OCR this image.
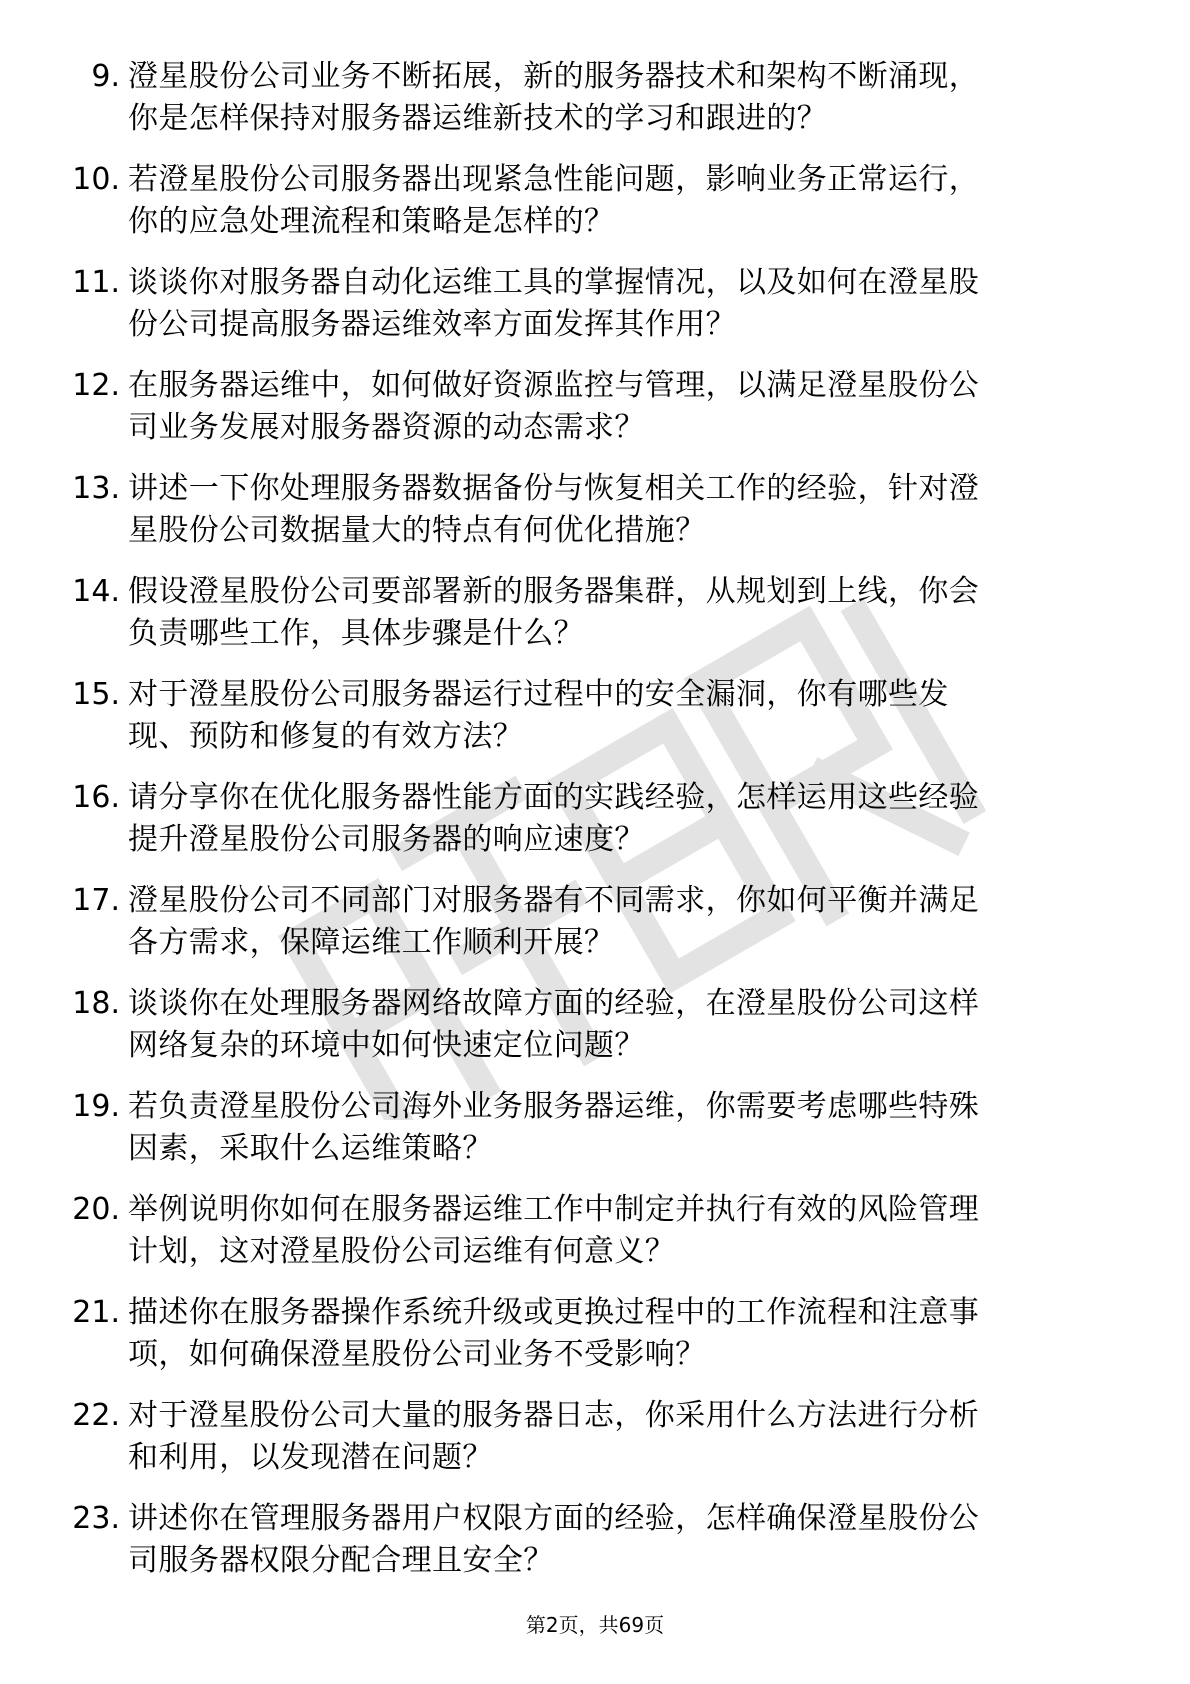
9. 澄星股份公司业务不断拓展，新的服务器技术和架构不断涌现，
你是怎样保持对服务器运维新技术的学习和跟进的？
10. 若澄星股份公司服务器出现紧急性能问题，影响业务正常运行，
你的应急处理流程和策略是怎样的？
11. 谈谈你对服务器自动化运维工具的掌握情况，以及如何在澄星股
份公司提高服务器运维效率方面发挥其作用？
12. 在服务器运维中，如何做好资源监控与管理，以满足澄星股份公
司业务发展对服务器资源的动态需求？
13. 讲述一下你处理服务器数据备份与恢复相关工作的经验，针对澄
星股份公司数据量大的特点有何优化措施？
14. 假设澄星股份公司要部署新的服务器集群，从规划到上线，你会
负责哪些工作，具体步骤是什么？
15. 对于澄星股份公司服务器运行过程中的安全漏洞，你有哪些发
现、预防和修复的有效方法？
16. 请分享你在优化服务器性能方面的实践经验，怎样运用这些经验
提升澄星股份公司服务器的响应速度？
17. 澄星股份公司不同部门对服务器有不同需求，你如何平衡并满足
各方需求，保障运维工作顺利开展？
18. 谈谈你在处理服务器网络故障方面的经验，在澄星股份公司这样
网络复杂的环境中如何快速定位问题？
19. 若负责澄星股份公司海外业务服务器运维，你需要考虑哪些特殊
因素，采取什么运维策略？
20. 举例说明你如何在服务器运维工作中制定并执行有效的风险管理
计划，这对澄星股份公司运维有何意义？
21. 描述你在服务器操作系统升级或更换过程中的工作流程和注意事
项，如何确保澄星股份公司业务不受影响？
22. 对于澄星股份公司大量的服务器日志，你采用什么方法进行分析
和利用，以发现潜在问题？
23. 讲述你在管理服务器用户权限方面的经验，怎样确保澄星股份公
司服务器权限分配合理且安全？
第2页，共69页
